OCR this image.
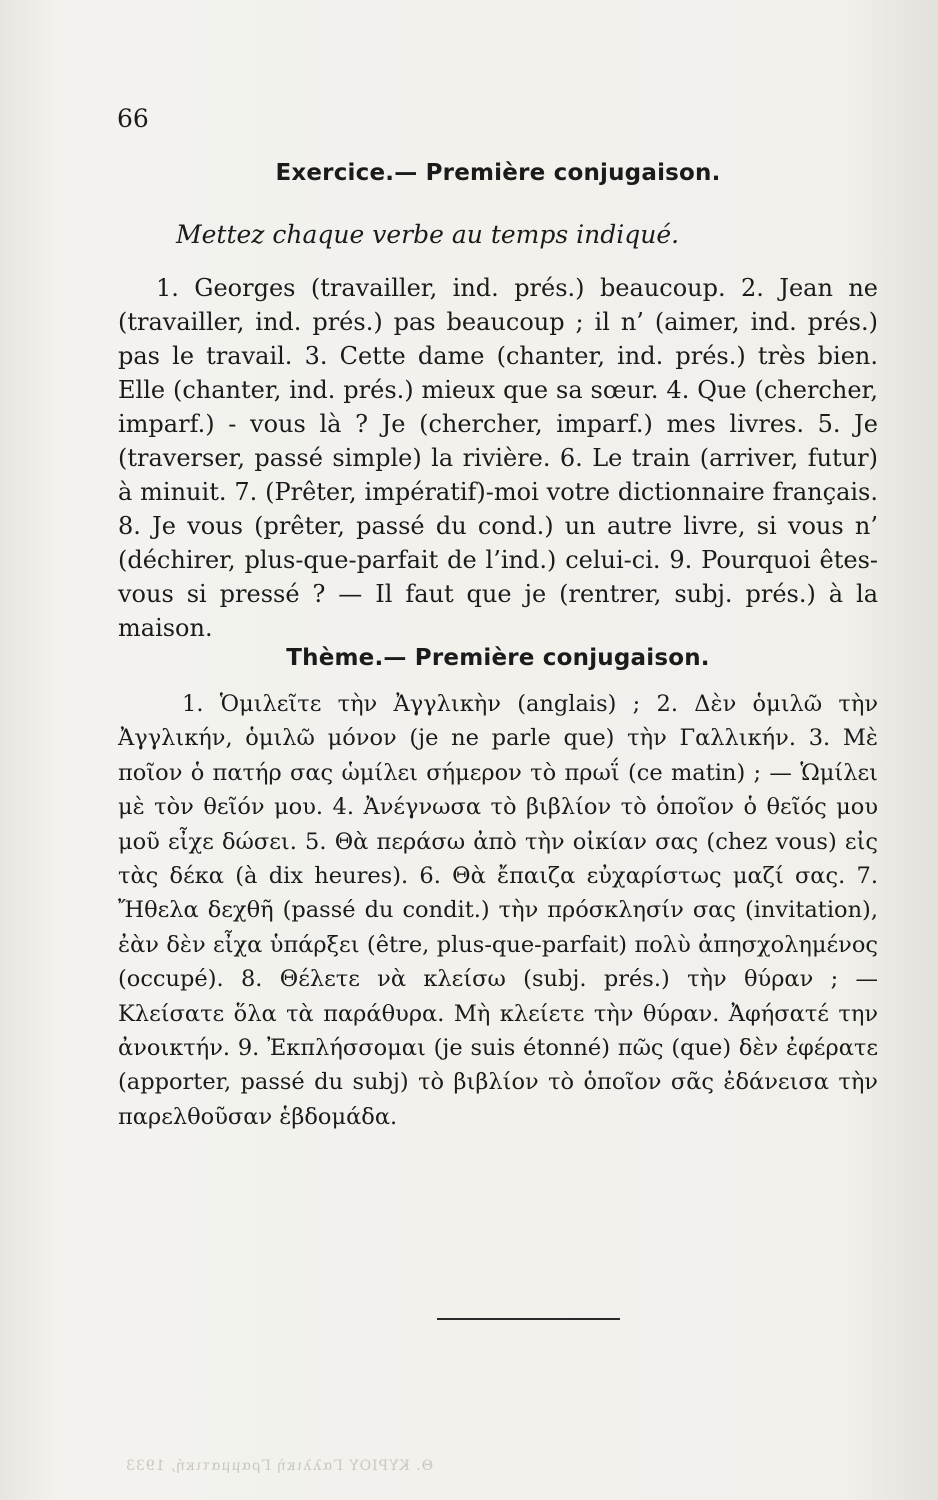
66
Exercice.— Première conjugaison.
Mettez chaque verbe au temps indiqué.

1. Georges (travailler, ind. prés.) beaucoup. 2. Jean ne (travailler, ind. prés.) pas beaucoup ; il n’ (aimer, ind. prés.) pas le travail. 3. Cette dame (chanter, ind. prés.) très bien. Elle (chanter, ind. prés.) mieux que sa sœur. 4. Que (chercher, imparf.) - vous là ? Je (chercher, imparf.) mes livres. 5. Je (traverser, passé simple) la rivière. 6. Le train (arriver, futur) à minuit. 7. (Prêter, impératif)-moi votre dictionnaire français. 8. Je vous (prêter, passé du cond.) un autre livre, si vous n’ (déchirer, plus-que-parfait de l’ind.) celui-ci. 9. Pourquoi êtes-vous si pressé ? — Il faut que je (rentrer, subj. prés.) à la maison.

Thème.— Première conjugaison.

1. Ὁμιλεῖτε τὴν Ἀγγλικὴν (anglais) ; 2. Δὲν ὁμιλῶ τὴν Ἀγγλικήν, ὁμιλῶ μόνον (je ne parle que) τὴν Γαλλικήν. 3. Μὲ ποῖον ὁ πατήρ σας ὡμίλει σήμερον τὸ πρωΐ (ce matin) ; — Ὡμίλει μὲ τὸν θεῖόν μου. 4. Ἀνέγνωσα τὸ βιβλίον τὸ ὁποῖον ὁ θεῖός μου μοῦ εἶχε δώσει. 5. Θὰ περάσω ἀπὸ τὴν οἰκίαν σας (chez vous) εἰς τὰς δέκα (à dix heures). 6. Θὰ ἔπαιζα εὐχαρίστως μαζί σας. 7. Ἤθελα δεχθῆ (passé du condit.) τὴν πρόσκλησίν σας (invitation), ἐὰν δὲν εἶχα ὑπάρξει (être, plus-que-parfait) πολὺ ἀπησχολημένος (occupé). 8. Θέλετε νὰ κλείσω (subj. prés.) τὴν θύραν ; — Κλείσατε ὅλα τὰ παράθυρα. Μὴ κλείετε τὴν θύραν. Ἀφήσατέ την ἀνοικτήν. 9. Ἐκπλήσσομαι (je suis étonné) πῶς (que) δὲν ἐφέρατε (apporter, passé du subj) τὸ βιβλίον τὸ ὁποῖον σᾶς ἐδάνεισα τὴν παρελθοῦσαν ἑβδομάδα.

Θ. ΚΥΡΙΟΥ Γαλλικὴ Γραμματική, 1933
